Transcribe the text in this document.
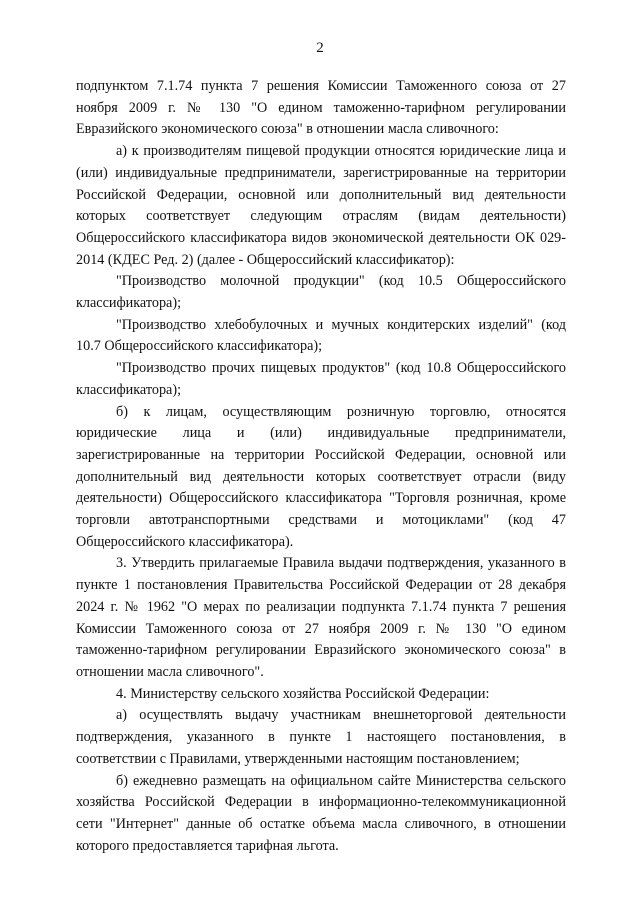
2

подпунктом 7.1.74 пункта 7 решения Комиссии Таможенного союза от 27 ноября 2009 г. № 130 "О едином таможенно-тарифном регулировании Евразийского экономического союза" в отношении масла сливочного:

а) к производителям пищевой продукции относятся юридические лица и (или) индивидуальные предприниматели, зарегистрированные на территории Российской Федерации, основной или дополнительный вид деятельности которых соответствует следующим отраслям (видам деятельности) Общероссийского классификатора видов экономической деятельности ОК 029-2014 (КДЕС Ред. 2) (далее - Общероссийский классификатор):

"Производство молочной продукции" (код 10.5 Общероссийского классификатора);

"Производство хлебобулочных и мучных кондитерских изделий" (код 10.7 Общероссийского классификатора);

"Производство прочих пищевых продуктов" (код 10.8 Общероссийского классификатора);

б) к лицам, осуществляющим розничную торговлю, относятся юридические лица и (или) индивидуальные предприниматели, зарегистрированные на территории Российской Федерации, основной или дополнительный вид деятельности которых соответствует отрасли (виду деятельности) Общероссийского классификатора "Торговля розничная, кроме торговли автотранспортными средствами и мотоциклами" (код 47 Общероссийского классификатора).

3. Утвердить прилагаемые Правила выдачи подтверждения, указанного в пункте 1 постановления Правительства Российской Федерации от 28 декабря 2024 г. № 1962 "О мерах по реализации подпункта 7.1.74 пункта 7 решения Комиссии Таможенного союза от 27 ноября 2009 г. № 130 "О едином таможенно-тарифном регулировании Евразийского экономического союза" в отношении масла сливочного".

4. Министерству сельского хозяйства Российской Федерации:

а) осуществлять выдачу участникам внешнеторговой деятельности подтверждения, указанного в пункте 1 настоящего постановления, в соответствии с Правилами, утвержденными настоящим постановлением;

б) ежедневно размещать на официальном сайте Министерства сельского хозяйства Российской Федерации в информационно-телекоммуникационной сети "Интернет" данные об остатке объема масла сливочного, в отношении которого предоставляется тарифная льгота.
